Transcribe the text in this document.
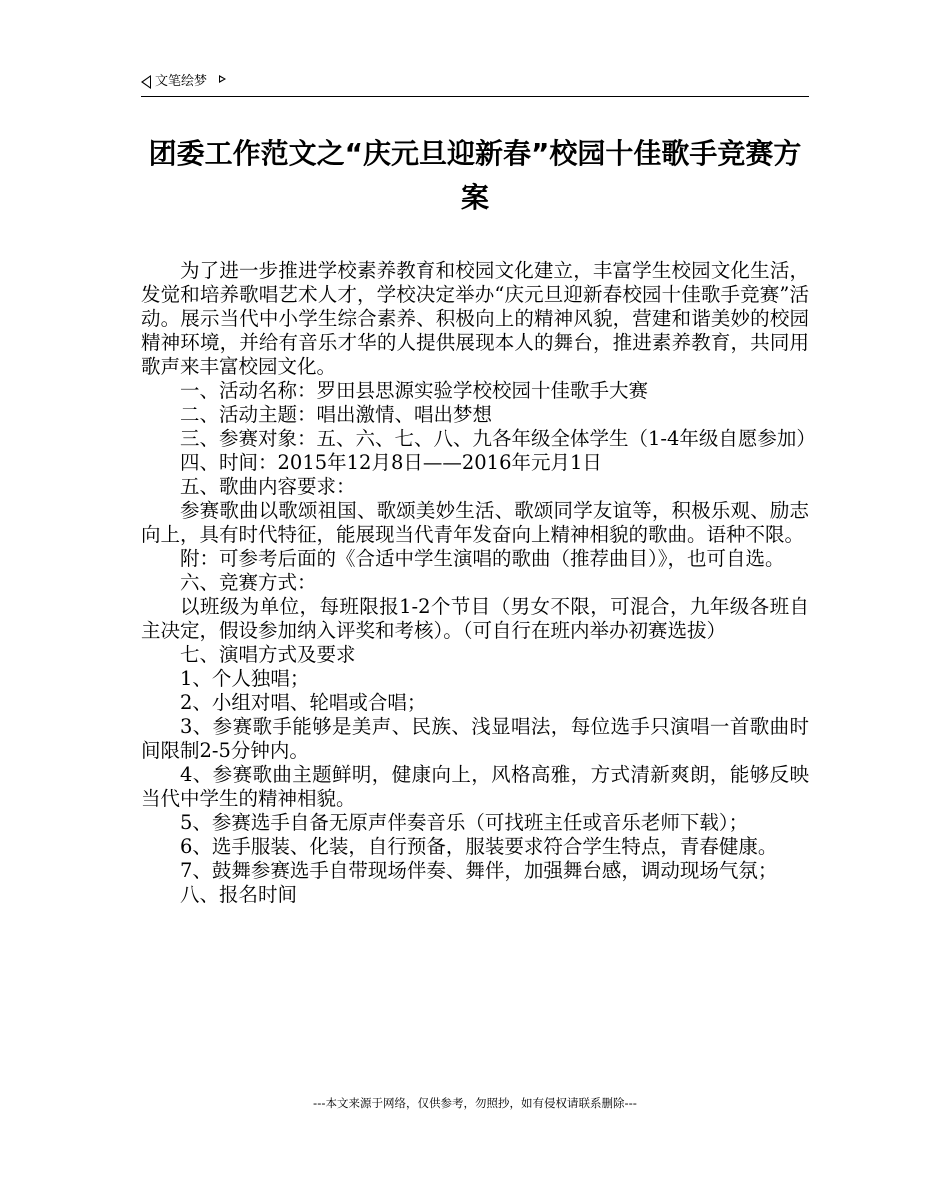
文笔绘梦
团委工作范文之“庆元旦迎新春”校园十佳歌手竞赛方案

为了进一步推进学校素养教育和校园文化建立，丰富学生校园文化生活，发觉和培养歌唱艺术人才，学校决定举办“庆元旦迎新春校园十佳歌手竞赛”活动。展示当代中小学生综合素养、积极向上的精神风貌，营建和谐美妙的校园精神环境，并给有音乐才华的人提供展现本人的舞台，推进素养教育，共同用歌声来丰富校园文化。

一、活动名称：罗田县思源实验学校校园十佳歌手大赛

二、活动主题：唱出激情、唱出梦想

三、参赛对象：五、六、七、八、九各年级全体学生（1-4年级自愿参加）

四、时间：2015年12月8日——2016年元月1日

五、歌曲内容要求：

参赛歌曲以歌颂祖国、歌颂美妙生活、歌颂同学友谊等，积极乐观、励志向上，具有时代特征，能展现当代青年发奋向上精神相貌的歌曲。语种不限。

附：可参考后面的《合适中学生演唱的歌曲（推荐曲目）》，也可自选。

六、竞赛方式：

以班级为单位，每班限报1-2个节目（男女不限，可混合，九年级各班自主决定，假设参加纳入评奖和考核）。（可自行在班内举办初赛选拔）

七、演唱方式及要求

1、个人独唱；

2、小组对唱、轮唱或合唱；

3、参赛歌手能够是美声、民族、浅显唱法，每位选手只演唱一首歌曲时间限制2-5分钟内。

4、参赛歌曲主题鲜明，健康向上，风格高雅，方式清新爽朗，能够反映当代中学生的精神相貌。

5、参赛选手自备无原声伴奏音乐（可找班主任或音乐老师下载）；

6、选手服装、化装，自行预备，服装要求符合学生特点，青春健康。

7、鼓舞参赛选手自带现场伴奏、舞伴，加强舞台感，调动现场气氛；

八、报名时间

---本文来源于网络，仅供参考，勿照抄，如有侵权请联系删除---
